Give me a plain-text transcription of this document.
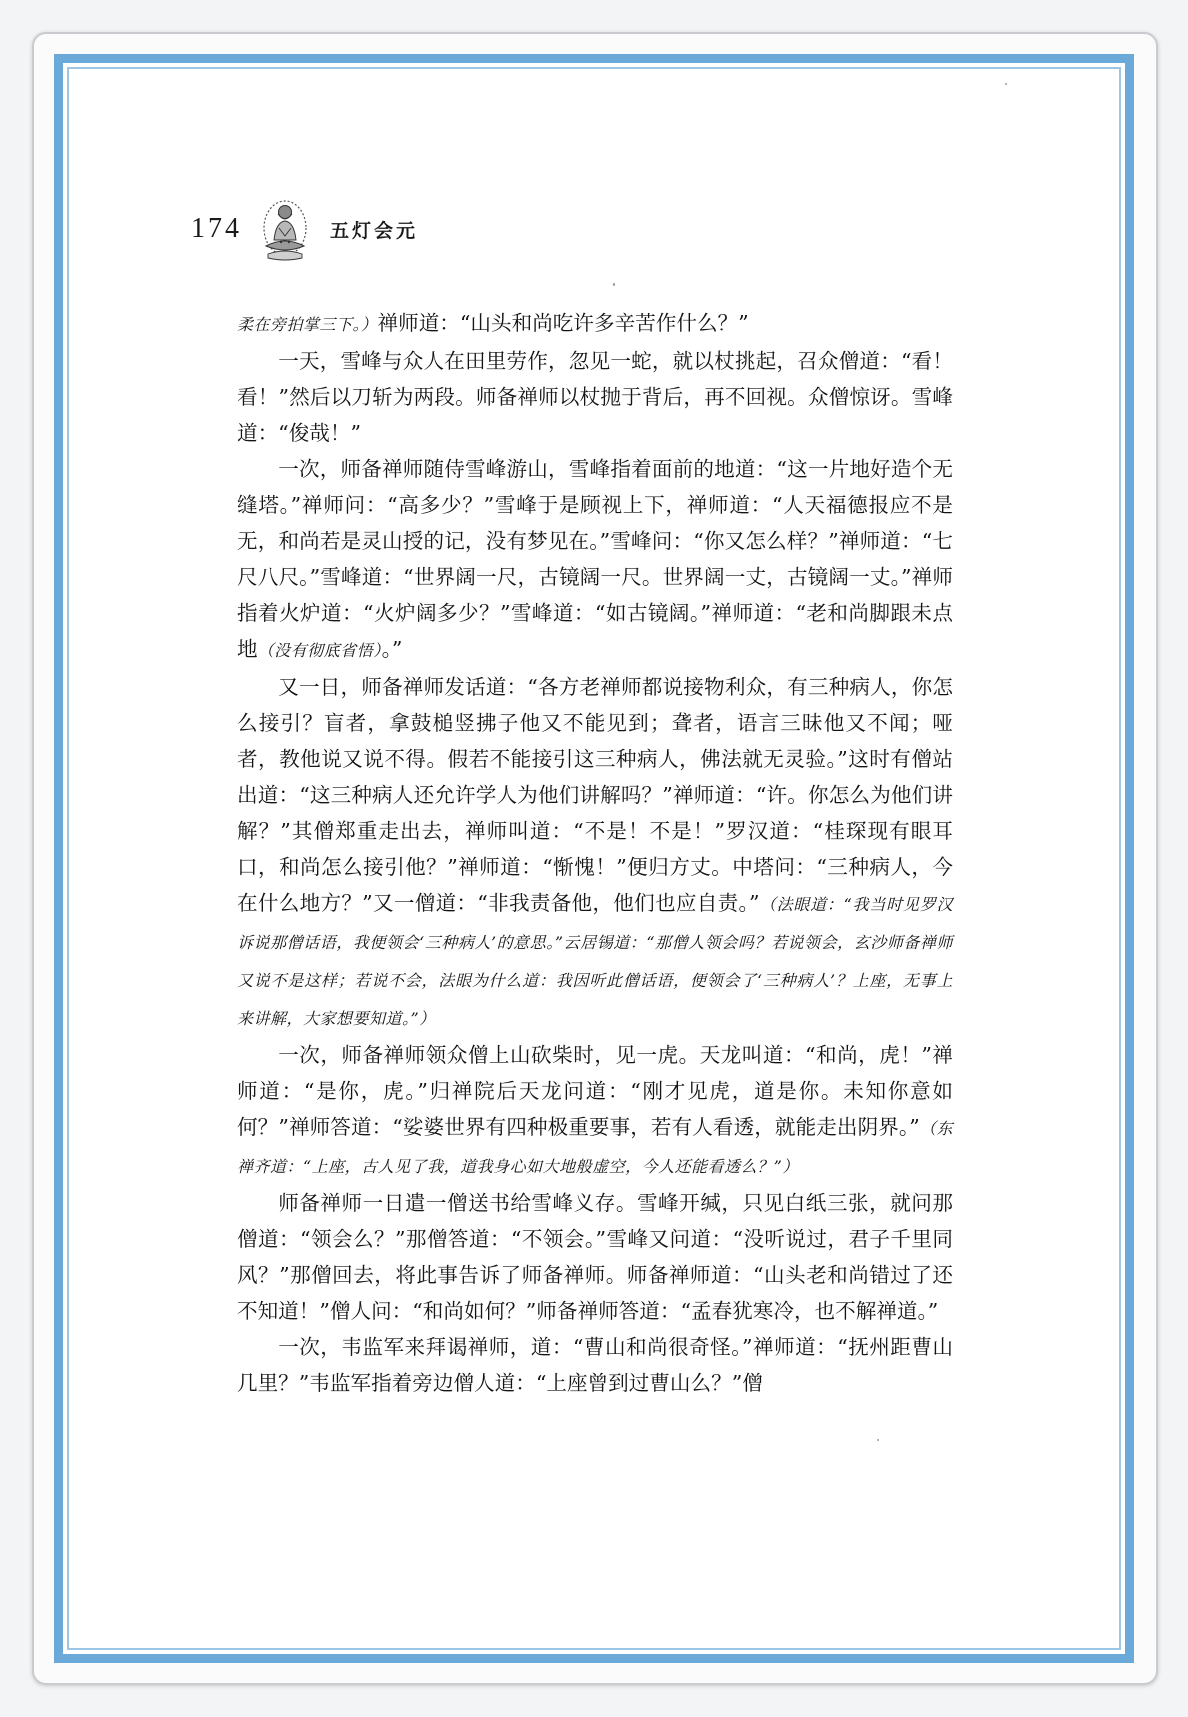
174	五灯会元

柔在旁拍掌三下。）禅师道：“山头和尚吃许多辛苦作什么？”

一天，雪峰与众人在田里劳作，忽见一蛇，就以杖挑起，召众僧道：“看！看！”然后以刀斩为两段。师备禅师以杖抛于背后，再不回视。众僧惊讶。雪峰道：“俊哉！”

一次，师备禅师随侍雪峰游山，雪峰指着面前的地道：“这一片地好造个无缝塔。”禅师问：“高多少？”雪峰于是顾视上下，禅师道：“人天福德报应不是无，和尚若是灵山授的记，没有梦见在。”雪峰问：“你又怎么样？”禅师道：“七尺八尺。”雪峰道：“世界阔一尺，古镜阔一尺。世界阔一丈，古镜阔一丈。”禅师指着火炉道：“火炉阔多少？”雪峰道：“如古镜阔。”禅师道：“老和尚脚跟未点地（没有彻底省悟）。”

又一日，师备禅师发话道：“各方老禅师都说接物利众，有三种病人，你怎么接引？盲者，拿鼓槌竖拂子他又不能见到；聋者，语言三昧他又不闻；哑者，教他说又说不得。假若不能接引这三种病人，佛法就无灵验。”这时有僧站出道：“这三种病人还允许学人为他们讲解吗？”禅师道：“许。你怎么为他们讲解？”其僧郑重走出去，禅师叫道：“不是！不是！”罗汉道：“桂琛现有眼耳口，和尚怎么接引他？”禅师道：“惭愧！”便归方丈。中塔问：“三种病人，今在什么地方？”又一僧道：“非我责备他，他们也应自责。”（法眼道：“我当时见罗汉诉说那僧话语，我便领会‘三种病人’的意思。”云居锡道：“那僧人领会吗？若说领会，玄沙师备禅师又说不是这样；若说不会，法眼为什么道：我因听此僧话语，便领会了‘三种病人’？上座，无事上来讲解，大家想要知道。”）

一次，师备禅师领众僧上山砍柴时，见一虎。天龙叫道：“和尚，虎！”禅师道：“是你，虎。”归禅院后天龙问道：“刚才见虎，道是你。未知你意如何？”禅师答道：“娑婆世界有四种极重要事，若有人看透，就能走出阴界。”（东禅齐道：“上座，古人见了我，道我身心如大地般虚空，今人还能看透么？”）

师备禅师一日遣一僧送书给雪峰义存。雪峰开缄，只见白纸三张，就问那僧道：“领会么？”那僧答道：“不领会。”雪峰又问道：“没听说过，君子千里同风？”那僧回去，将此事告诉了师备禅师。师备禅师道：“山头老和尚错过了还不知道！”僧人问：“和尚如何？”师备禅师答道：“孟春犹寒冷，也不解禅道。”

一次，韦监军来拜谒禅师，道：“曹山和尚很奇怪。”禅师道：“抚州距曹山几里？”韦监军指着旁边僧人道：“上座曾到过曹山么？”僧
